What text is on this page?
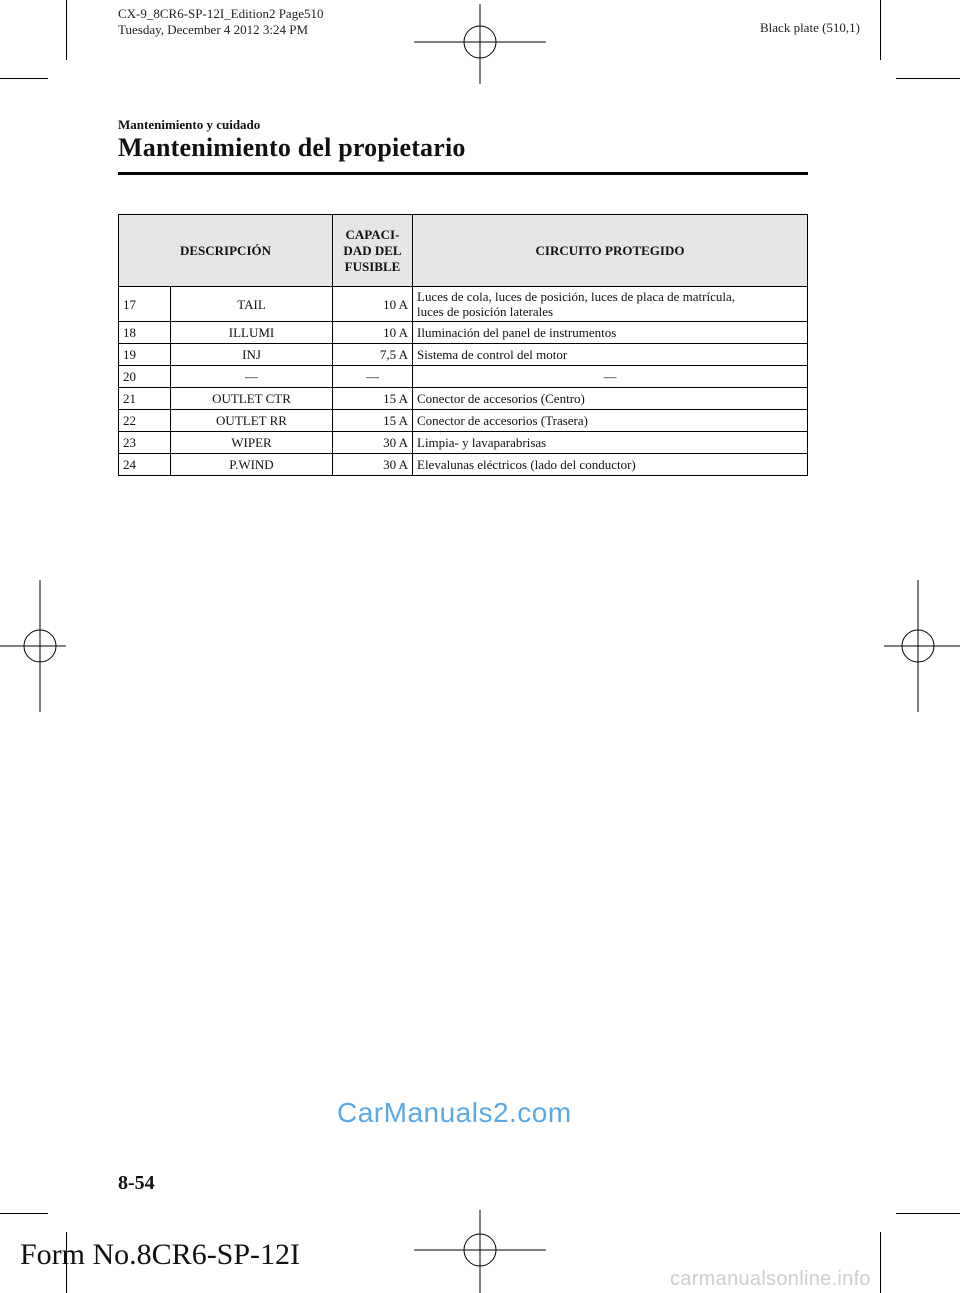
CX-9_8CR6-SP-12I_Edition2 Page510
Tuesday, December 4 2012 3:24 PM	Black plate (510,1)
Mantenimiento y cuidado
Mantenimiento del propietario
DESCRIPCIÓN		CAPACI-
DAD DEL
FUSIBLE	CIRCUITO PROTEGIDO
17	TAIL	10 A	Luces de cola, luces de posición, luces de placa de matrícula,
luces de posición laterales

18	ILLUMI	10 A	Iluminación del panel de instrumentos
19	INJ	7,5 A	Sistema de control del motor
20	—	—	—
21	OUTLET CTR	15 A	Conector de accesorios (Centro)
22	OUTLET RR	15 A	Conector de accesorios (Trasera)
23	WIPER	30 A	Limpia- y lavaparabrisas
24	P.WIND	30 A	Elevalunas eléctricos (lado del conductor)
CarManuals2.com
8-54
Form No.8CR6-SP-12I
carmanualsonline.info
